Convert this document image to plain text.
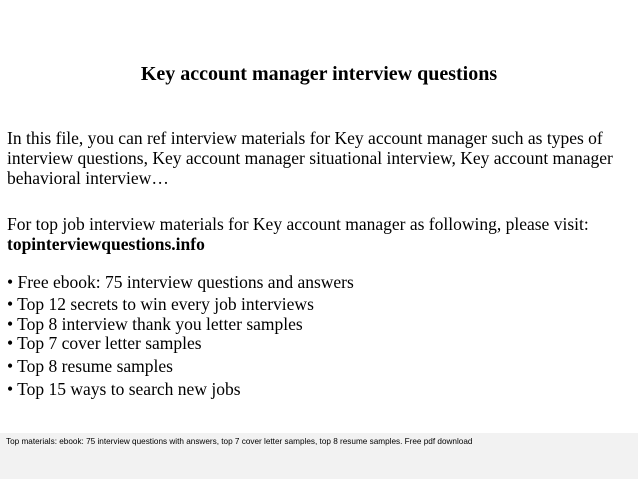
Key account manager interview questions
In this file, you can ref interview materials for Key account manager such as types of interview questions, Key account manager situational interview, Key account manager behavioral interview…
For top job interview materials for Key account manager as following, please visit:
topinterviewquestions.info
• Free ebook: 75 interview questions and answers
• Top 12 secrets to win every job interviews
• Top 8 interview thank you letter samples
• Top 7 cover letter samples
• Top 8 resume samples
• Top 15 ways to search new jobs
Top materials: ebook: 75 interview questions with answers, top 7 cover letter samples, top 8 resume samples. Free pdf download
